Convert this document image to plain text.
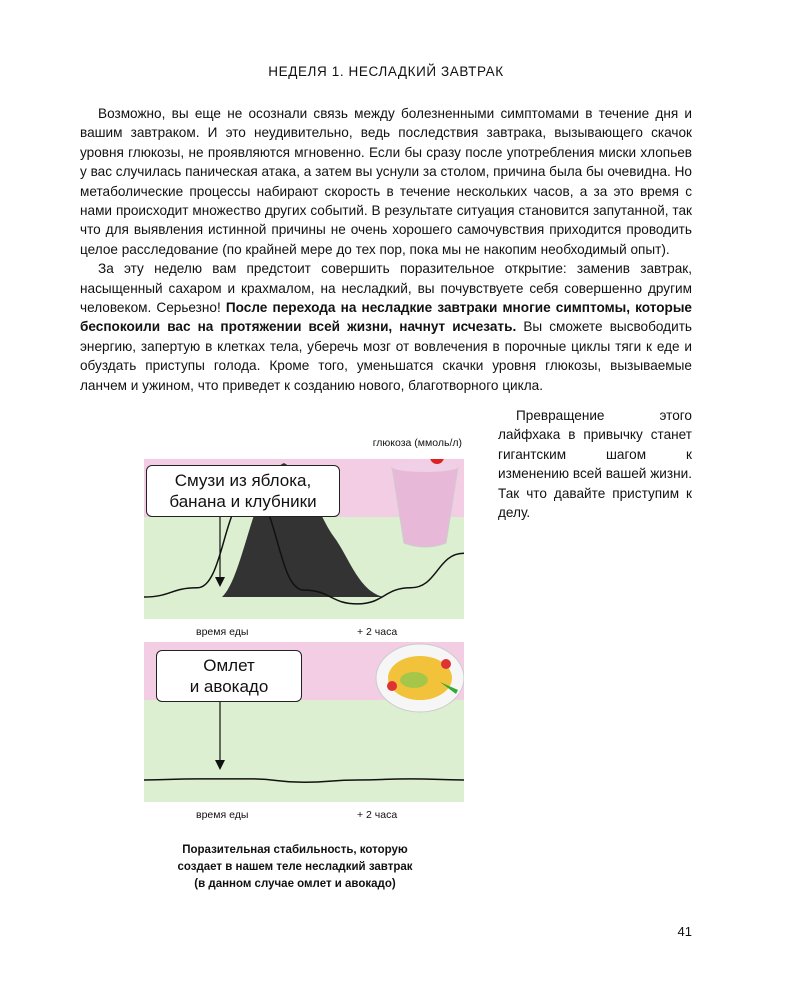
НЕДЕЛЯ 1. НЕСЛАДКИЙ ЗАВТРАК

Возможно, вы еще не осознали связь между болезненными симптомами в течение дня и вашим завтраком. И это неудивительно, ведь последствия завтрака, вызывающего скачок уровня глюкозы, не проявляются мгновенно. Если бы сразу после употребления миски хлопьев у вас случилась паническая атака, а затем вы уснули за столом, причина была бы очевидна. Но метаболические процессы набирают скорость в течение нескольких часов, а за это время с нами происходит множество других событий. В результате ситуация становится запутанной, так что для выявления истинной причины не очень хорошего самочувствия приходится проводить целое расследование (по крайней мере до тех пор, пока мы не накопим необходимый опыт).

За эту неделю вам предстоит совершить поразительное открытие: заменив завтрак, насыщенный сахаром и крахмалом, на несладкий, вы почувствуете себя совершенно другим человеком. Серьезно! После перехода на несладкие завтраки многие симптомы, которые беспокоили вас на протяжении всей жизни, начнут исчезать. Вы сможете высвободить энергию, запертую в клетках тела, уберечь мозг от вовлечения в порочные циклы тяги к еде и обуздать приступы голода. Кроме того, уменьшатся скачки уровня глюкозы, вызываемые ланчем и ужином, что приведет к созданию нового, благотворного цикла.

Превращение этого лайфхака в привычку станет гигантским шагом к изменению всей вашей жизни. Так что давайте приступим к делу.

глюкоза (ммоль/л)

Смузи из яблока,
банана и клубники
время еды	+ 2 часа

Омлет
и авокадо
время еды	+ 2 часа
Поразительная стабильность, которую
создает в нашем теле несладкий завтрак
(в данном случае омлет и авокадо)
41
